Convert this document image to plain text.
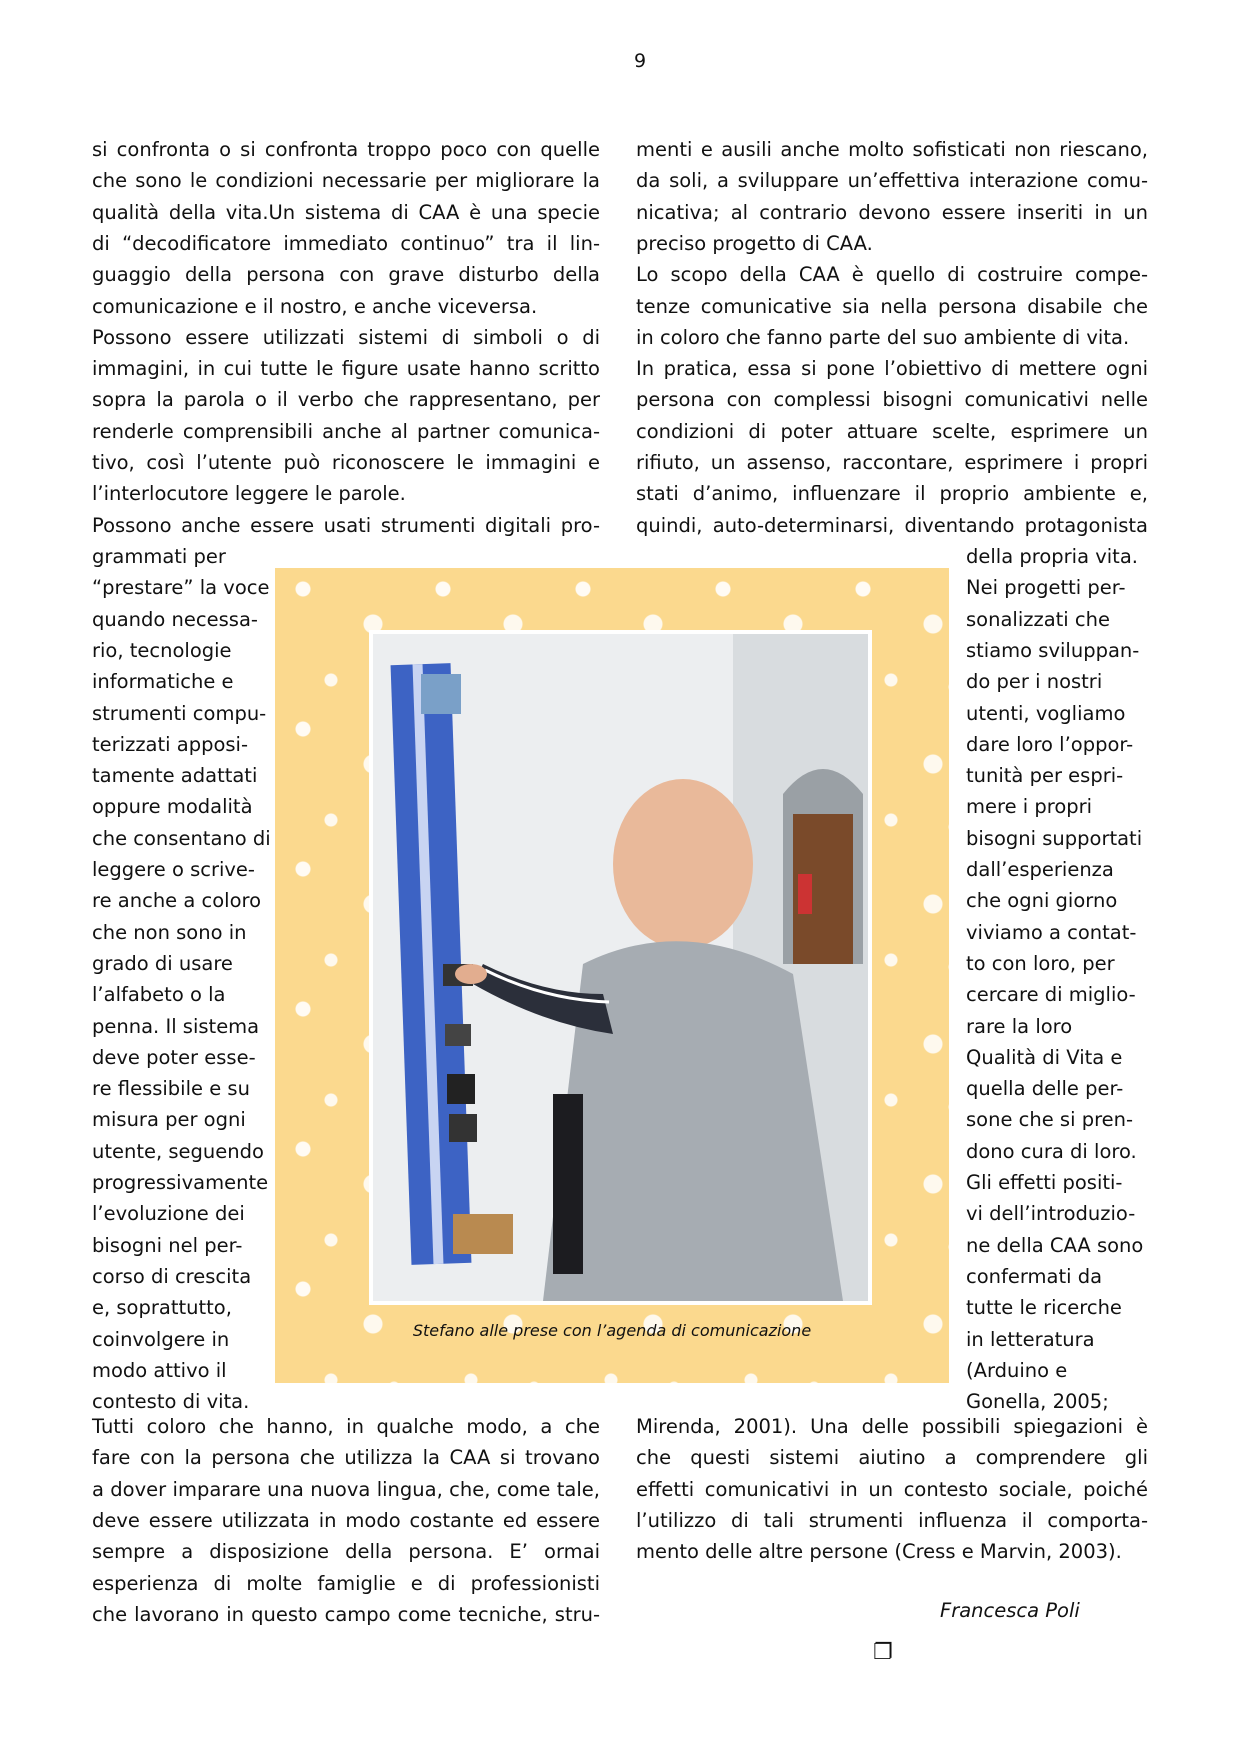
9
si confronta o si confronta troppo poco con quelle
che sono le condizioni necessarie per migliorare la
qualità della vita.Un sistema di CAA è una specie
di “decodificatore immediato continuo” tra il lin-
guaggio della persona con grave disturbo della
comunicazione e il nostro, e anche viceversa.
Possono essere utilizzati sistemi di simboli o di
immagini, in cui tutte le figure usate hanno scritto
sopra la parola o il verbo che rappresentano, per
renderle comprensibili anche al partner comunica-
tivo, così l’utente può riconoscere le immagini e
l’interlocutore leggere le parole.
Possono anche essere usati strumenti digitali pro-
grammati per
“prestare” la voce
quando necessa-
rio, tecnologie
informatiche e
strumenti compu-
terizzati apposi-
tamente adattati
oppure modalità
che consentano di
leggere o scrive-
re anche a coloro
che non sono in
grado di usare
l’alfabeto o la
penna. Il sistema
deve poter esse-
re flessibile e su
misura per ogni
utente, seguendo
progressivamente
l’evoluzione dei
bisogni nel per-
corso di crescita
e, soprattutto,
coinvolgere in
modo attivo il
contesto di vita.
Tutti coloro che hanno, in qualche modo, a che
fare con la persona che utilizza la CAA si trovano
a dover imparare una nuova lingua, che, come tale,
deve essere utilizzata in modo costante ed essere
sempre a disposizione della persona. E’ ormai
esperienza di molte famiglie e di professionisti
che lavorano in questo campo come tecniche, stru-
menti e ausili anche molto sofisticati non riescano,
da soli, a sviluppare un’effettiva interazione comu-
nicativa; al contrario devono essere inseriti in un
preciso progetto di CAA.
Lo scopo della CAA è quello di costruire compe-
tenze comunicative sia nella persona disabile che
in coloro che fanno parte del suo ambiente di vita.
In pratica, essa si pone l’obiettivo di mettere ogni
persona con complessi bisogni comunicativi nelle
condizioni di poter attuare scelte, esprimere un
rifiuto, un assenso, raccontare, esprimere i propri
stati d’animo, influenzare il proprio ambiente e,
quindi, auto-determinarsi, diventando protagonista
della propria vita.
Nei progetti per-
sonalizzati che
stiamo sviluppan-
do per i nostri
utenti, vogliamo
dare loro l’oppor-
tunità per espri-
mere i propri
bisogni supportati
dall’esperienza
che ogni giorno
viviamo a contat-
to con loro, per
cercare di miglio-
rare la loro
Qualità di Vita e
quella delle per-
sone che si pren-
dono cura di loro.
Gli effetti positi-
vi dell’introduzio-
ne della CAA sono
confermati da
tutte le ricerche
in letteratura
(Arduino e
Gonella, 2005;
Mirenda, 2001). Una delle possibili spiegazioni è
che questi sistemi aiutino a comprendere gli
effetti comunicativi in un contesto sociale, poiché
l’utilizzo di tali strumenti influenza il comporta-
mento delle altre persone (Cress e Marvin, 2003).
Stefano alle prese con l’agenda di comunicazione
Francesca Poli
❐
